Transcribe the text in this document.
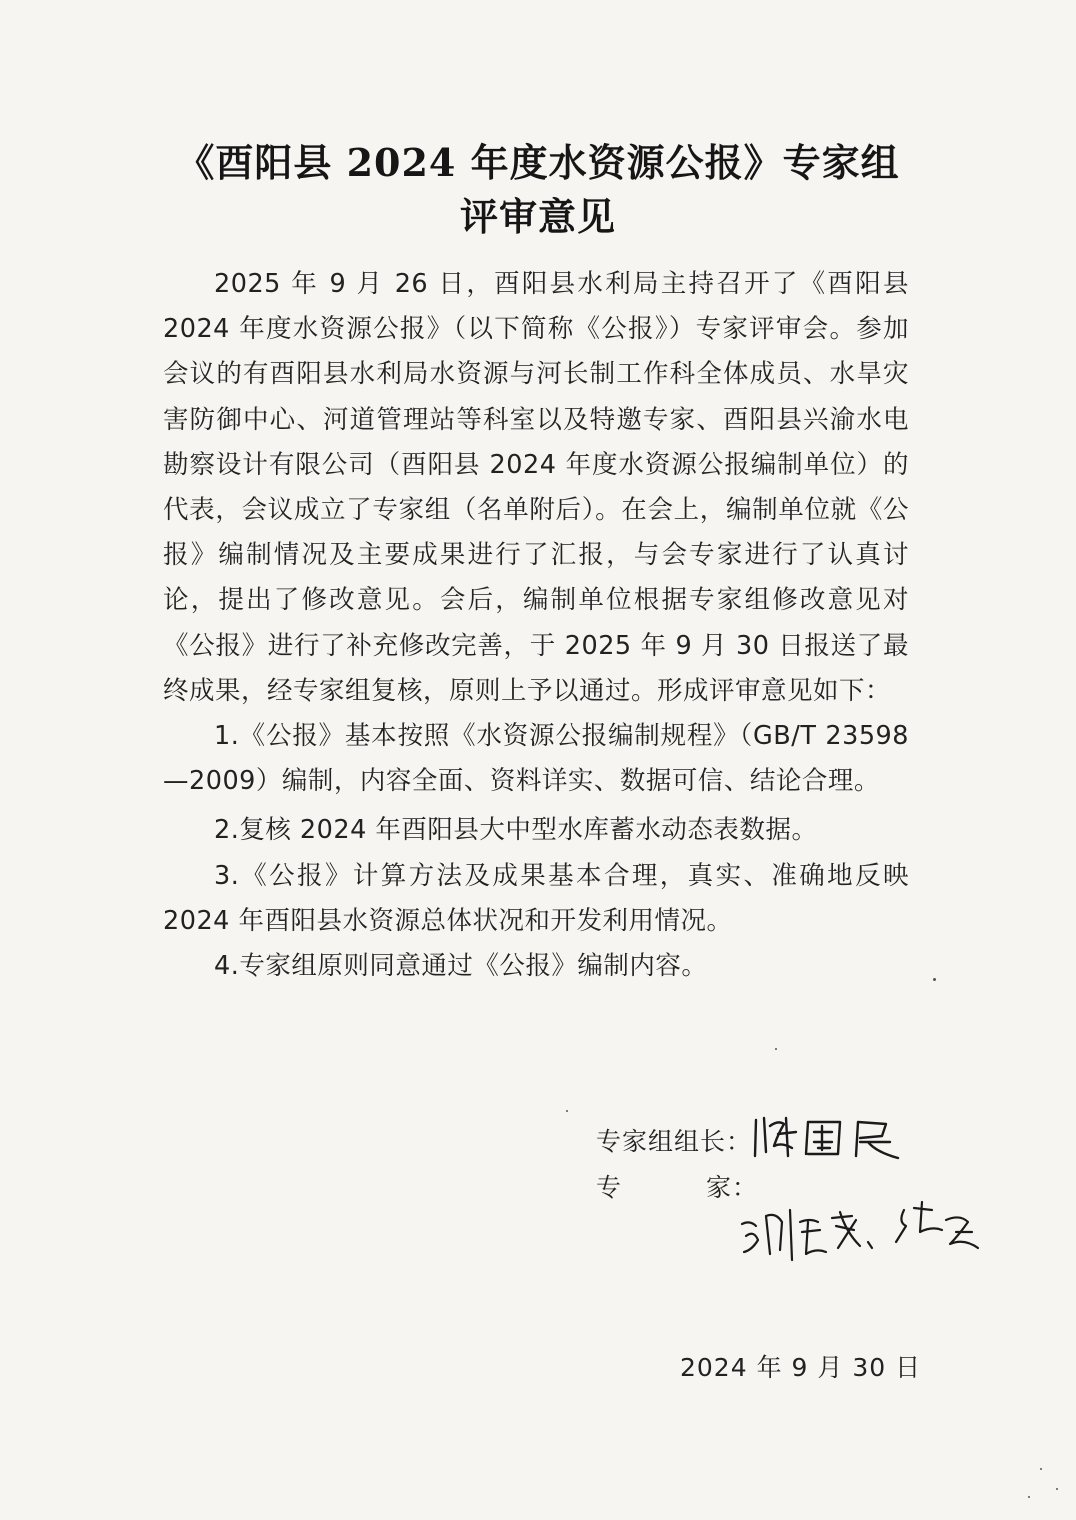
《酉阳县 2024 年度水资源公报》专家组
评审意见

2025 年 9 月 26 日，酉阳县水利局主持召开了《酉阳县 2024 年度水资源公报》（以下简称《公报》）专家评审会。参加会议的有酉阳县水利局水资源与河长制工作科全体成员、水旱灾害防御中心、河道管理站等科室以及特邀专家、酉阳县兴渝水电勘察设计有限公司（酉阳县 2024 年度水资源公报编制单位）的代表，会议成立了专家组（名单附后）。在会上，编制单位就《公报》编制情况及主要成果进行了汇报，与会专家进行了认真讨论，提出了修改意见。会后，编制单位根据专家组修改意见对《公报》进行了补充修改完善，于 2025 年 9 月 30 日报送了最终成果，经专家组复核，原则上予以通过。形成评审意见如下：

1.《公报》基本按照《水资源公报编制规程》（GB/T 23598—2009）编制，内容全面、资料详实、数据可信、结论合理。

2.复核 2024 年酉阳县大中型水库蓄水动态表数据。

3.《公报》计算方法及成果基本合理，真实、准确地反映 2024 年酉阳县水资源总体状况和开发利用情况。

4.专家组原则同意通过《公报》编制内容。

专家组组长：
专	家：
2024 年 9 月 30 日
